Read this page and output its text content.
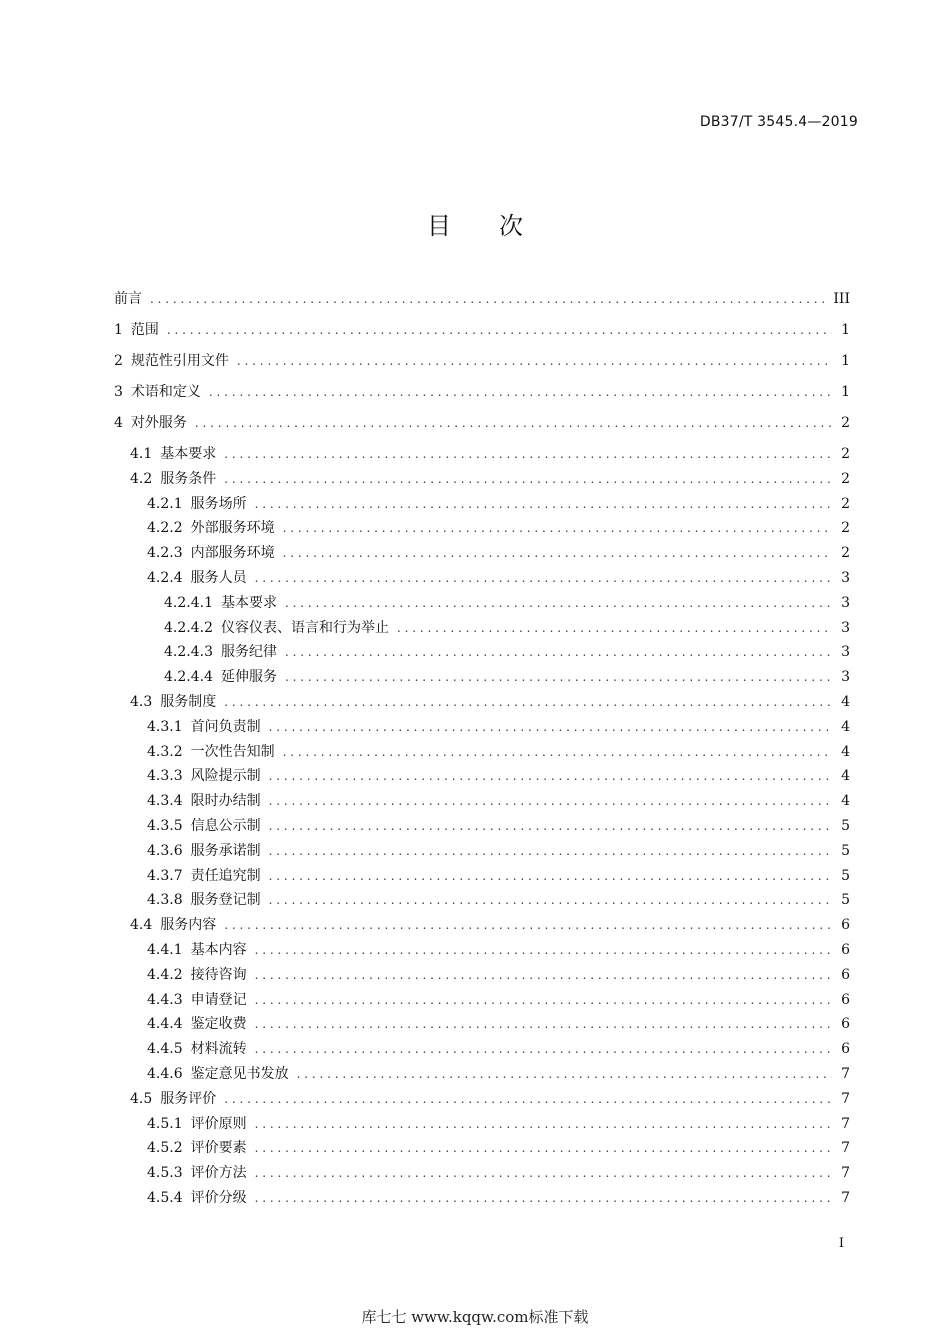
DB37/T 3545.4—2019
目 次
前言 . . .	III
1 范围 . . .	1
2 规范性引用文件 . . .	1
3 术语和定义 . . .	1
4 对外服务 . . .	2
4.1 基本要求 . . .	2
4.2 服务条件 . . .	2
4.2.1 服务场所 . . .	2
4.2.2 外部服务环境 . . .	2
4.2.3 内部服务环境 . . .	2
4.2.4 服务人员 . . .	3
4.2.4.1 基本要求 . . .	3
4.2.4.2 仪容仪表、语言和行为举止 . . .	3
4.2.4.3 服务纪律 . . .	3
4.2.4.4 延伸服务 . . .	3
4.3 服务制度 . . .	4
4.3.1 首问负责制 . . .	4
4.3.2 一次性告知制 . . .	4
4.3.3 风险提示制 . . .	4
4.3.4 限时办结制 . . .	4
4.3.5 信息公示制 . . .	5
4.3.6 服务承诺制 . . .	5
4.3.7 责任追究制 . . .	5
4.3.8 服务登记制 . . .	5
4.4 服务内容 . . .	6
4.4.1 基本内容 . . .	6
4.4.2 接待咨询 . . .	6
4.4.3 申请登记 . . .	6
4.4.4 鉴定收费 . . .	6
4.4.5 材料流转 . . .	6
4.4.6 鉴定意见书发放 . . .	7
4.5 服务评价 . . .	7
4.5.1 评价原则 . . .	7
4.5.2 评价要素 . . .	7
4.5.3 评价方法 . . .	7
4.5.4 评价分级 . . .	7
I
库七七 www.kqqw.com标准下载
